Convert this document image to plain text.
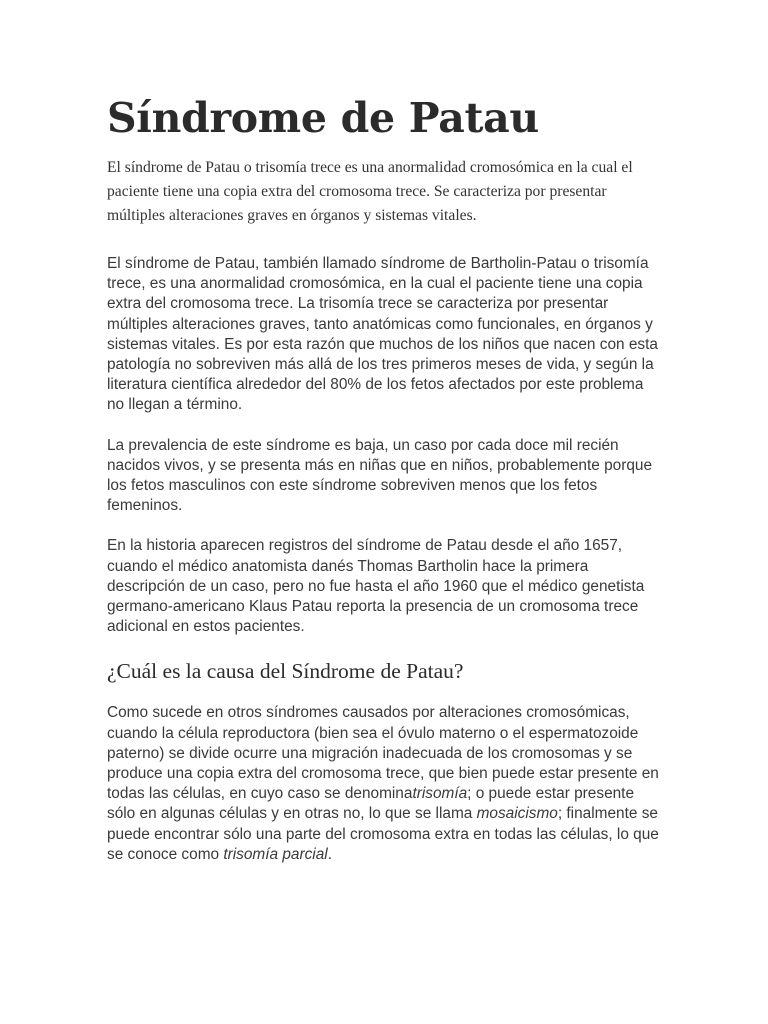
Síndrome de Patau

El síndrome de Patau o trisomía trece es una anormalidad cromosómica en la cual el paciente tiene una copia extra del cromosoma trece. Se caracteriza por presentar múltiples alteraciones graves en órganos y sistemas vitales.

El síndrome de Patau, también llamado síndrome de Bartholin-Patau o trisomía trece, es una anormalidad cromosómica, en la cual el paciente tiene una copia extra del cromosoma trece. La trisomía trece se caracteriza por presentar múltiples alteraciones graves, tanto anatómicas como funcionales, en órganos y sistemas vitales. Es por esta razón que muchos de los niños que nacen con esta patología no sobreviven más allá de los tres primeros meses de vida, y según la literatura científica alrededor del 80% de los fetos afectados por este problema no llegan a término.

La prevalencia de este síndrome es baja, un caso por cada doce mil recién nacidos vivos, y se presenta más en niñas que en niños, probablemente porque los fetos masculinos con este síndrome sobreviven menos que los fetos femeninos.

En la historia aparecen registros del síndrome de Patau desde el año 1657, cuando el médico anatomista danés Thomas Bartholin hace la primera descripción de un caso, pero no fue hasta el año 1960 que el médico genetista germano-americano Klaus Patau reporta la presencia de un cromosoma trece adicional en estos pacientes.

¿Cuál es la causa del Síndrome de Patau?

Como sucede en otros síndromes causados por alteraciones cromosómicas, cuando la célula reproductora (bien sea el óvulo materno o el espermatozoide paterno) se divide ocurre una migración inadecuada de los cromosomas y se produce una copia extra del cromosoma trece, que bien puede estar presente en todas las células, en cuyo caso se denominatrisomía; o puede estar presente sólo en algunas células y en otras no, lo que se llama mosaicismo; finalmente se puede encontrar sólo una parte del cromosoma extra en todas las células, lo que se conoce como trisomía parcial.
